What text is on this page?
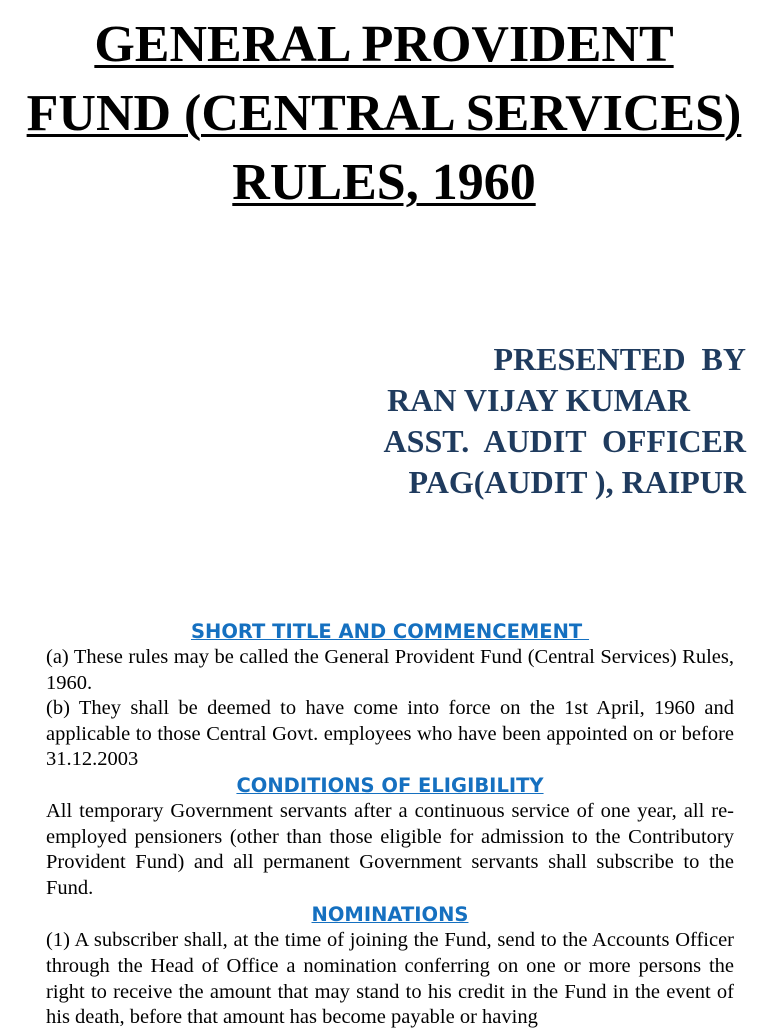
GENERAL PROVIDENT FUND (CENTRAL SERVICES) RULES, 1960
PRESENTED  BY
RAN VIJAY KUMAR
ASST.  AUDIT  OFFICER
PAG(AUDIT ), RAIPUR
SHORT TITLE AND COMMENCEMENT

(a) These rules may be called the General Provident Fund (Central Services) Rules, 1960.

(b) They shall be deemed to have come into force on the 1st April, 1960 and applicable to those Central Govt. employees who have been appointed on or before 31.12.2003

CONDITIONS OF ELIGIBILITY

All temporary Government servants after a continuous service of one year, all re-employed pensioners (other than those eligible for admission to the Contributory Provident Fund) and all permanent Government servants shall subscribe to the Fund.

NOMINATIONS

(1) A subscriber shall, at the time of joining the Fund, send to the Accounts Officer through the Head of Office a nomination conferring on one or more persons the right to receive the amount that may stand to his credit in the Fund in the event of his death, before that amount has become payable or having
